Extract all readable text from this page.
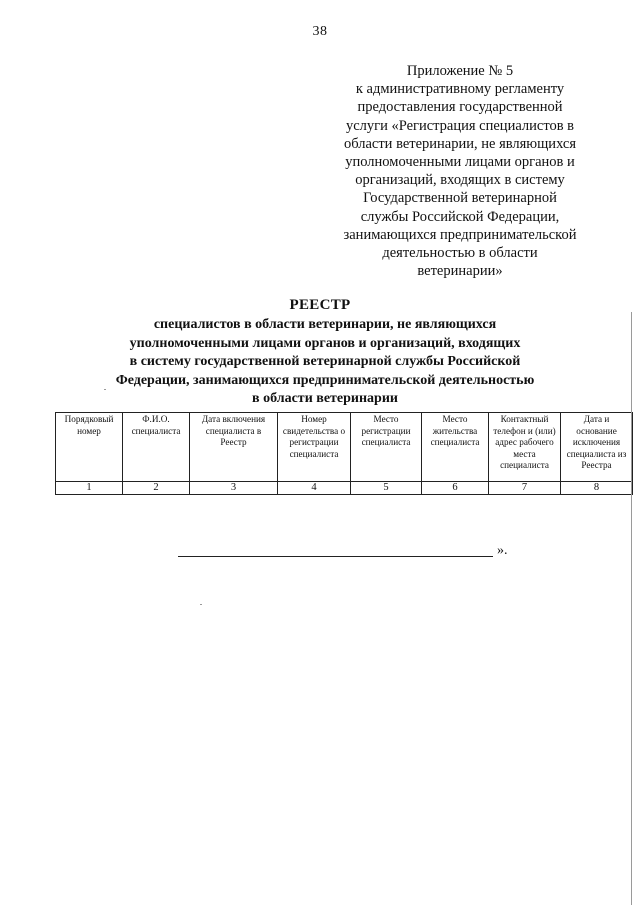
38
Приложение № 5
к административному регламенту
предоставления государственной
услуги «Регистрация специалистов в
области ветеринарии, не являющихся
уполномоченными лицами органов и
организаций, входящих в систему
Государственной ветеринарной
службы Российской Федерации,
занимающихся предпринимательской
деятельностью в области
ветеринарии»
РЕЕСТР
специалистов в области ветеринарии, не являющихся
уполномоченными лицами органов и организаций, входящих
в систему государственной ветеринарной службы Российской
Федерации, занимающихся предпринимательской деятельностью
в области ветеринарии
Порядковый номер	Ф.И.О. специалиста	Дата включения специалиста в Реестр	Номер свидетельства о регистрации специалиста	Место регистрации специалиста	Место жительства специалиста	Контактный телефон и (или) адрес рабочего места специалиста	Дата и основание исключения специалиста из Реестра
1	2	3	4	5	6	7	8
».
